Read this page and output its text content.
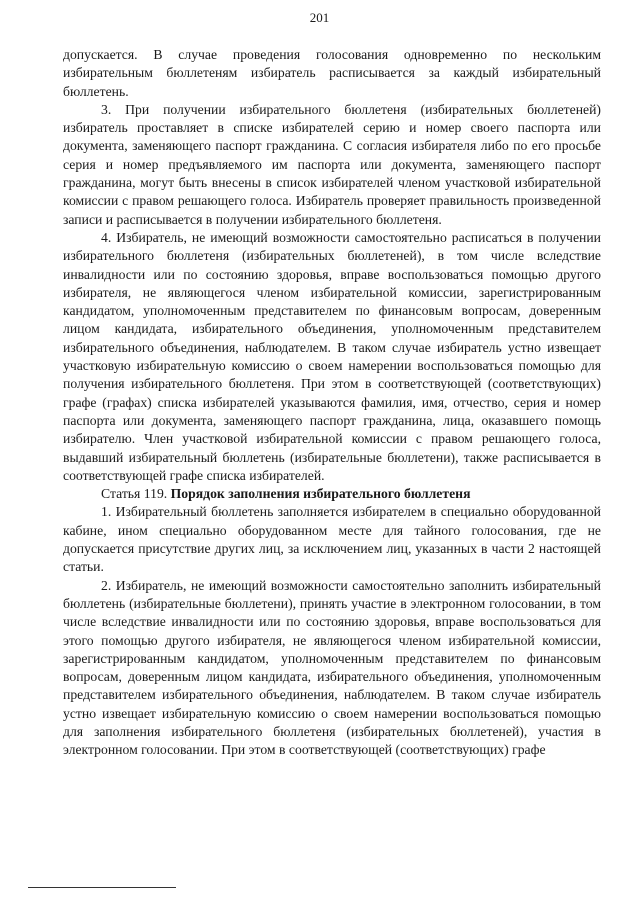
201

допускается. В случае проведения голосования одновременно по нескольким избирательным бюллетеням избиратель расписывается за каждый избирательный бюллетень.

3. При получении избирательного бюллетеня (избирательных бюллетеней) избиратель проставляет в списке избирателей серию и номер своего паспорта или документа, заменяющего паспорт гражданина. С согласия избирателя либо по его просьбе серия и номер предъявляемого им паспорта или документа, заменяющего паспорт гражданина, могут быть внесены в список избирателей членом участковой избирательной комиссии с правом решающего голоса. Избиратель проверяет правильность произведенной записи и расписывается в получении избирательного бюллетеня.

4. Избиратель, не имеющий возможности самостоятельно расписаться в получении избирательного бюллетеня (избирательных бюллетеней), в том числе вследствие инвалидности или по состоянию здоровья, вправе воспользоваться помощью другого избирателя, не являющегося членом избирательной комиссии, зарегистрированным кандидатом, уполномоченным представителем по финансовым вопросам, доверенным лицом кандидата, избирательного объединения, уполномоченным представителем избирательного объединения, наблюдателем. В таком случае избиратель устно извещает участковую избирательную комиссию о своем намерении воспользоваться помощью для получения избирательного бюллетеня. При этом в соответствующей (соответствующих) графе (графах) списка избирателей указываются фамилия, имя, отчество, серия и номер паспорта или документа, заменяющего паспорт гражданина, лица, оказавшего помощь избирателю. Член участковой избирательной комиссии с правом решающего голоса, выдавший избирательный бюллетень (избирательные бюллетени), также расписывается в соответствующей графе списка избирателей.

Статья 119. Порядок заполнения избирательного бюллетеня

1. Избирательный бюллетень заполняется избирателем в специально оборудованной кабине, ином специально оборудованном месте для тайного голосования, где не допускается присутствие других лиц, за исключением лиц, указанных в части 2 настоящей статьи.

2. Избиратель, не имеющий возможности самостоятельно заполнить избирательный бюллетень (избирательные бюллетени), принять участие в электронном голосовании, в том числе вследствие инвалидности или по состоянию здоровья, вправе воспользоваться для этого помощью другого избирателя, не являющегося членом избирательной комиссии, зарегистрированным кандидатом, уполномоченным представителем по финансовым вопросам, доверенным лицом кандидата, избирательного объединения, уполномоченным представителем избирательного объединения, наблюдателем. В таком случае избиратель устно извещает избирательную комиссию о своем намерении воспользоваться помощью для заполнения избирательного бюллетеня (избирательных бюллетеней), участия в электронном голосовании. При этом в соответствующей (соответствующих) графе
